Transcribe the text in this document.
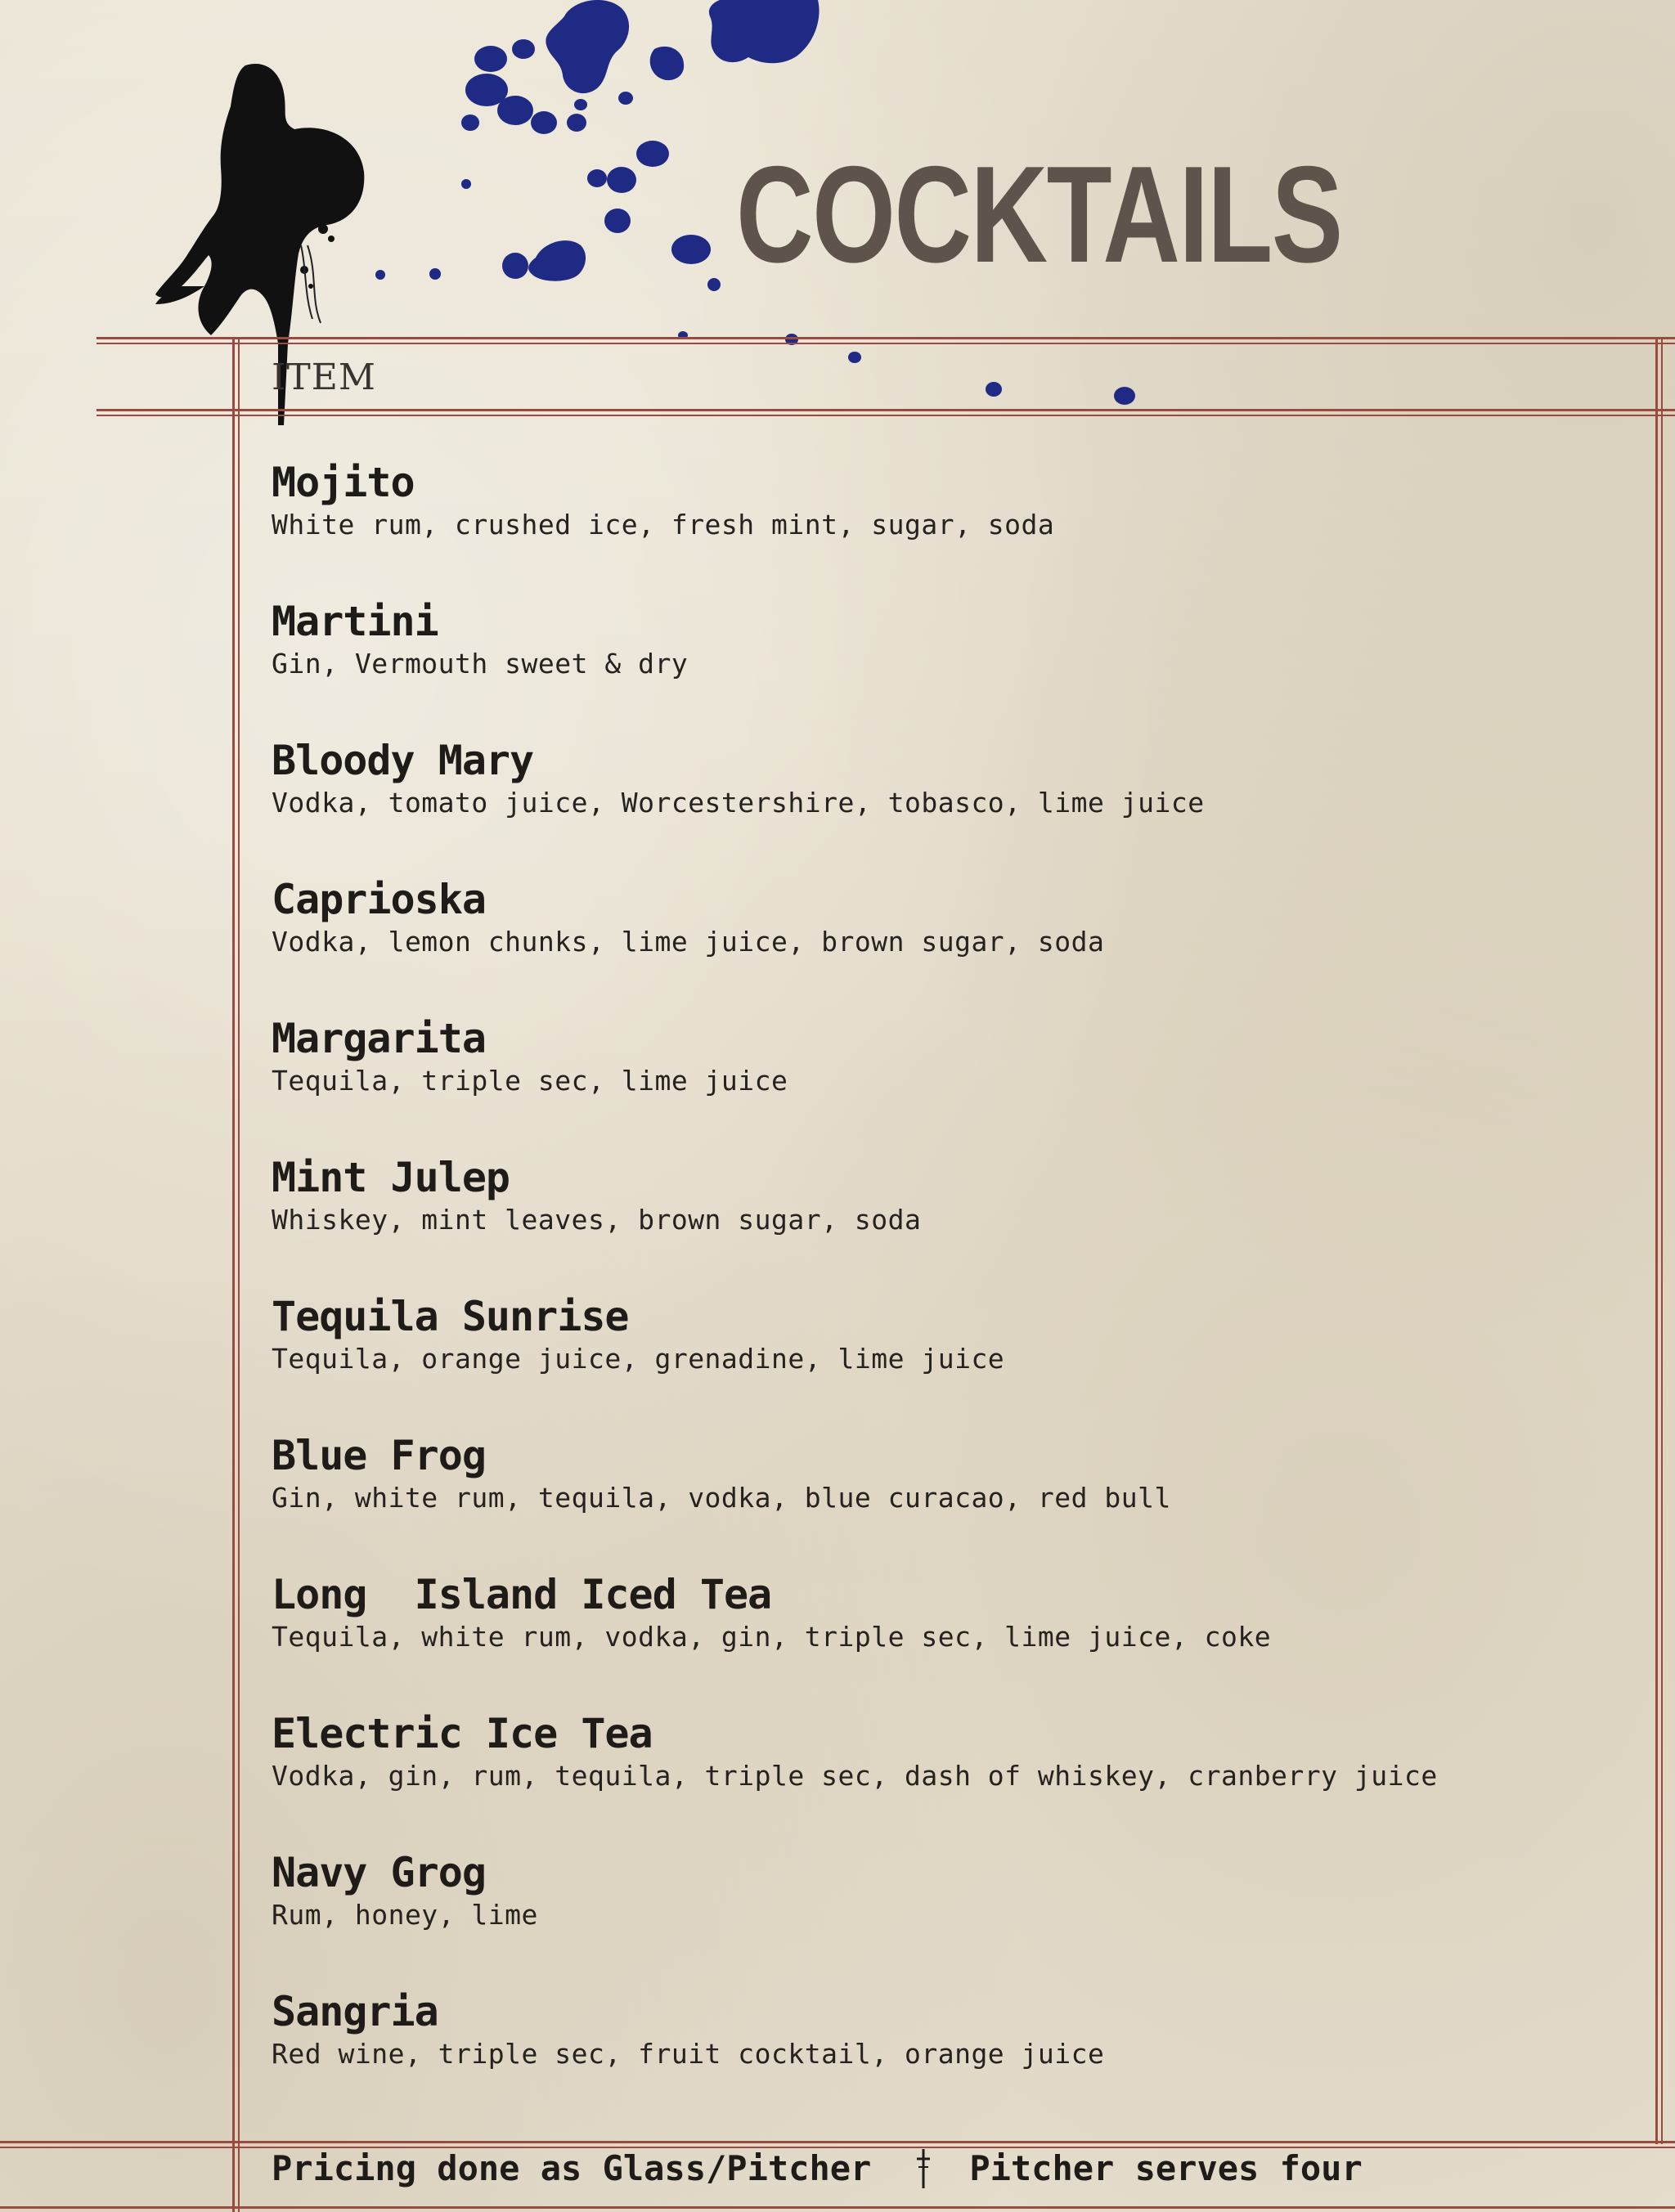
COCKTAILS
ITEM
Mojito
White rum, crushed ice, fresh mint, sugar, soda
Martini
Gin, Vermouth sweet & dry
Bloody Mary
Vodka, tomato juice, Worcestershire, tobasco, lime juice
Caprioska
Vodka, lemon chunks, lime juice, brown sugar, soda
Margarita
Tequila, triple sec, lime juice
Mint Julep
Whiskey, mint leaves, brown sugar, soda
Tequila Sunrise
Tequila, orange juice, grenadine, lime juice
Blue Frog
Gin, white rum, tequila, vodka, blue curacao, red bull
Long  Island Iced Tea
Tequila, white rum, vodka, gin, triple sec, lime juice, coke
Electric Ice Tea
Vodka, gin, rum, tequila, triple sec, dash of whiskey, cranberry juice
Navy Grog
Rum, honey, lime
Sangria
Red wine, triple sec, fruit cocktail, orange juice
Pricing done as Glass/Pitcher	Pitcher serves four
